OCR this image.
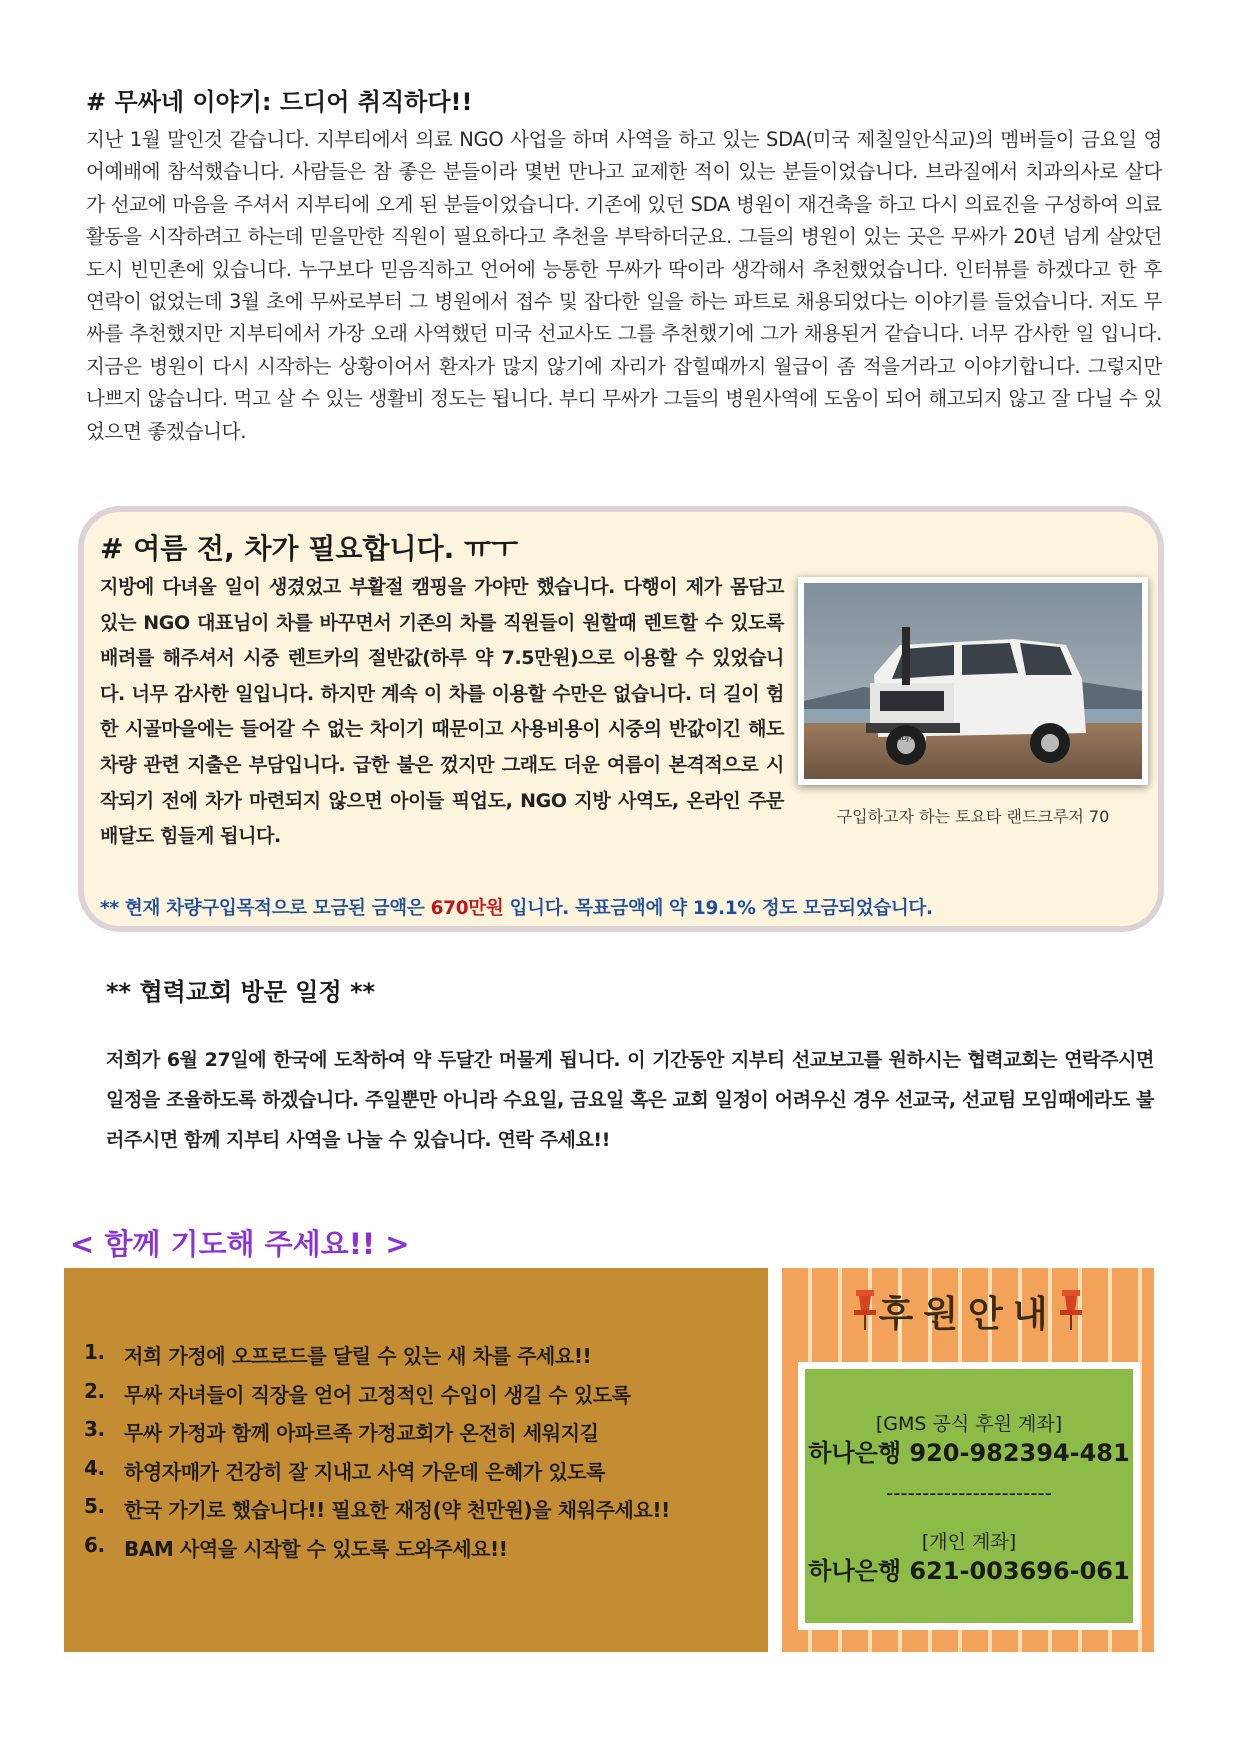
# 무싸네 이야기: 드디어 취직하다!!
지난 1월 말인것 같습니다. 지부티에서 의료 NGO 사업을 하며 사역을 하고 있는 SDA(미국 제칠일안식교)의 멤버들이 금요일 영어예배에 참석했습니다. 사람들은 참 좋은 분들이라 몇번 만나고 교제한 적이 있는 분들이었습니다. 브라질에서 치과의사로 살다가 선교에 마음을 주셔서 지부티에 오게 된 분들이었습니다. 기존에 있던 SDA 병원이 재건축을 하고 다시 의료진을 구성하여 의료활동을 시작하려고 하는데 믿을만한 직원이 필요하다고 추천을 부탁하더군요. 그들의 병원이 있는 곳은 무싸가 20년 넘게 살았던 도시 빈민촌에 있습니다. 누구보다 믿음직하고 언어에 능통한 무싸가 딱이라 생각해서 추천했었습니다. 인터뷰를 하겠다고 한 후 연락이 없었는데 3월 초에 무싸로부터 그 병원에서 접수 및 잡다한 일을 하는 파트로 채용되었다는 이야기를 들었습니다. 저도 무싸를 추천했지만 지부티에서 가장 오래 사역했던 미국 선교사도 그를 추천했기에 그가 채용된거 같습니다. 너무 감사한 일 입니다. 지금은 병원이 다시 시작하는 상황이어서 환자가 많지 않기에 자리가 잡힐때까지 월급이 좀 적을거라고 이야기합니다. 그렇지만 나쁘지 않습니다. 먹고 살 수 있는 생활비 정도는 됩니다. 부디 무싸가 그들의 병원사역에 도움이 되어 해고되지 않고 잘 다닐 수 있었으면 좋겠습니다.
# 여름 전, 차가 필요합니다. ㅠㅜ
지방에 다녀올 일이 생겼었고 부활절 캠핑을 가야만 했습니다. 다행이 제가 몸담고 있는 NGO 대표님이 차를 바꾸면서 기존의 차를 직원들이 원할때 렌트할 수 있도록 배려를 해주셔서 시중 렌트카의 절반값(하루 약 7.5만원)으로 이용할 수 있었습니다. 너무 감사한 일입니다. 하지만 계속 이 차를 이용할 수만은 없습니다. 더 길이 험한 시골마을에는 들어갈 수 없는 차이기 때문이고 사용비용이 시중의 반값이긴 해도 차량 관련 지출은 부담입니다. 급한 불은 껐지만 그래도 더운 여름이 본격적으로 시작되기 전에 차가 마련되지 않으면 아이들 픽업도, NGO 지방 사역도, 온라인 주문 배달도 힘들게 됩니다.
GDJ76
구입하고자 하는 토요타 랜드크루저 70
** 현재 차량구입목적으로 모금된 금액은 670만원 입니다. 목표금액에 약 19.1% 정도 모금되었습니다.
** 협력교회 방문 일정 **
저희가 6월 27일에 한국에 도착하여 약 두달간 머물게 됩니다. 이 기간동안 지부티 선교보고를 원하시는 협력교회는 연락주시면 일정을 조율하도록 하겠습니다. 주일뿐만 아니라 수요일, 금요일 혹은 교회 일정이 어려우신 경우 선교국, 선교팀 모임때에라도 불러주시면 함께 지부티 사역을 나눌 수 있습니다. 연락 주세요!!
< 함께 기도해 주세요!! >
1. 저희 가정에 오프로드를 달릴 수 있는 새 차를 주세요!!
2. 무싸 자녀들이 직장을 얻어 고정적인 수입이 생길 수 있도록
3. 무싸 가정과 함께 아파르족 가정교회가 온전히 세워지길
4. 하영자매가 건강히 잘 지내고 사역 가운데 은혜가 있도록
5. 한국 가기로 했습니다!! 필요한 재정(약 천만원)을 채워주세요!!
6. BAM 사역을 시작할 수 있도록 도와주세요!!
후원안내
[GMS 공식 후원 계좌]
하나은행 920-982394-481
-----------------------
[개인 계좌]
하나은행 621-003696-061
